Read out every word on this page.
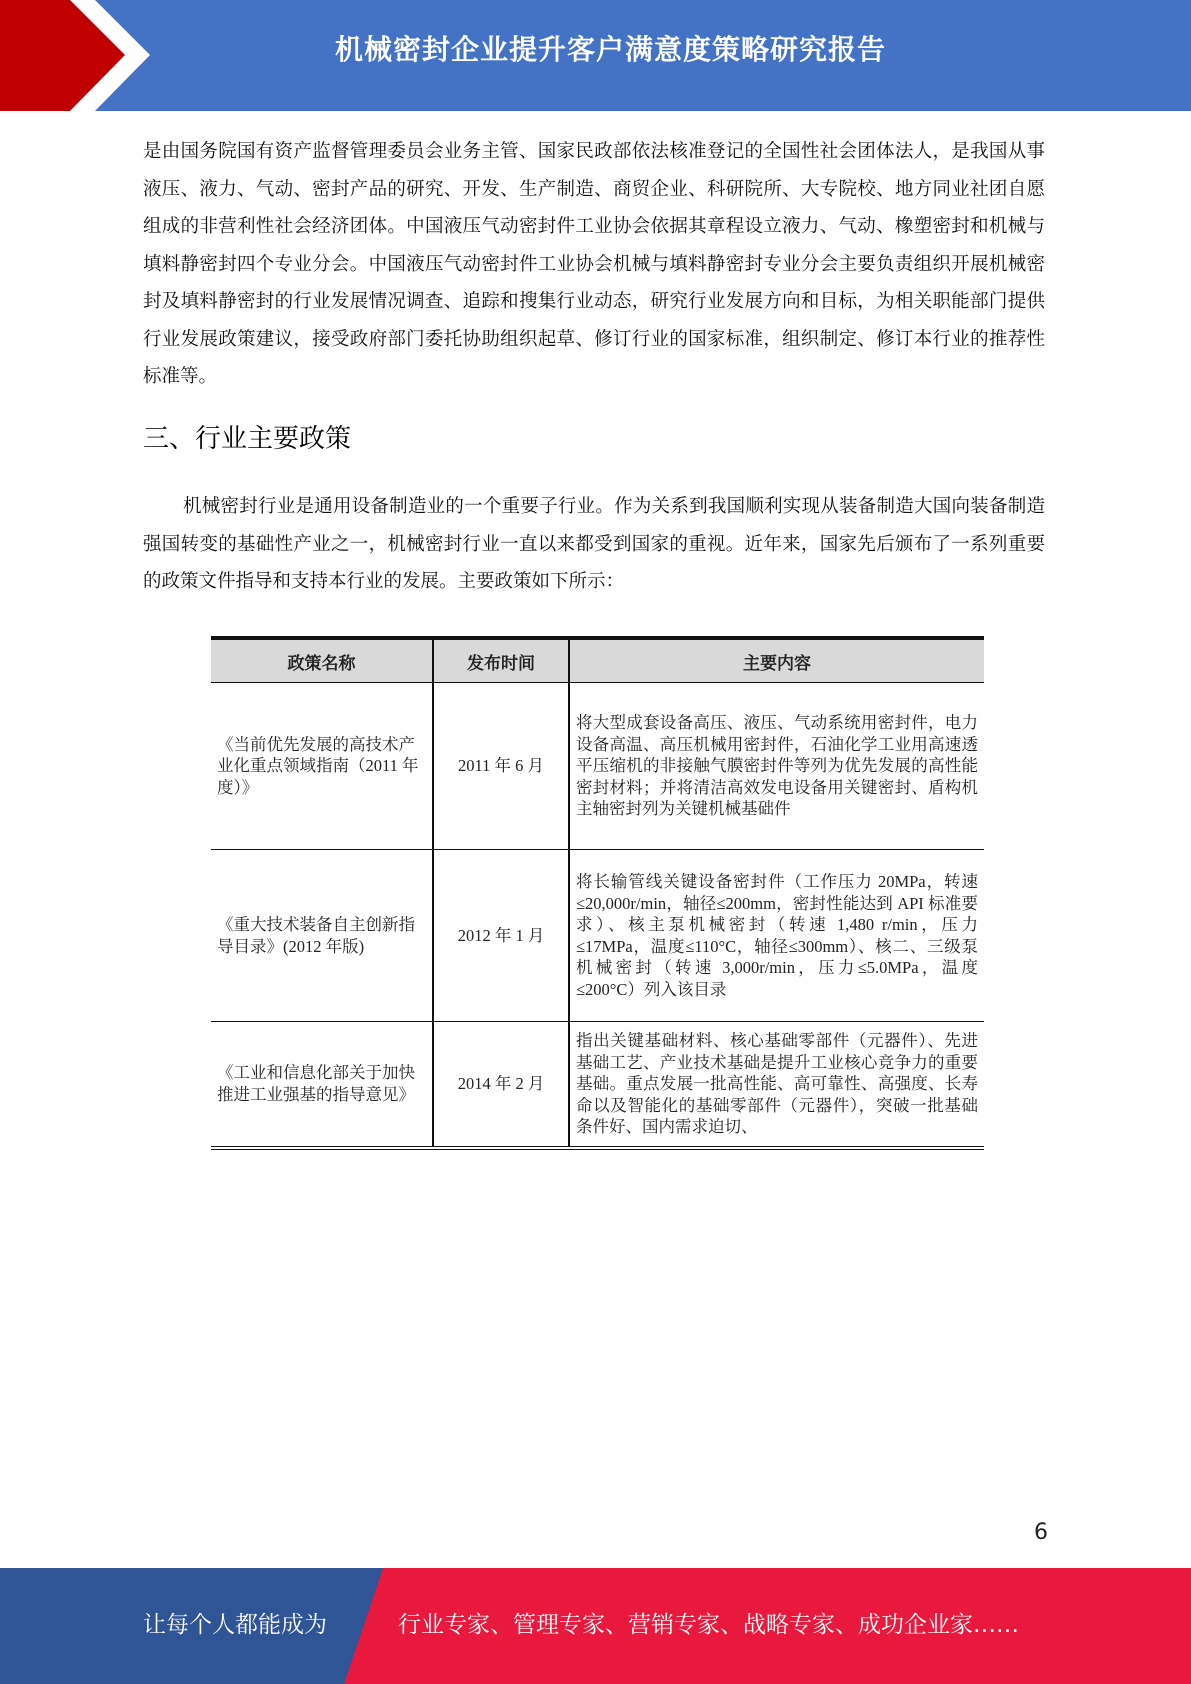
机械密封企业提升客户满意度策略研究报告
是由国务院国有资产监督管理委员会业务主管、国家民政部依法核准登记的全国性社会团体法人，是我国从事液压、液力、气动、密封产品的研究、开发、生产制造、商贸企业、科研院所、大专院校、地方同业社团自愿组成的非营利性社会经济团体。中国液压气动密封件工业协会依据其章程设立液力、气动、橡塑密封和机械与填料静密封四个专业分会。中国液压气动密封件工业协会机械与填料静密封专业分会主要负责组织开展机械密封及填料静密封的行业发展情况调查、追踪和搜集行业动态，研究行业发展方向和目标，为相关职能部门提供行业发展政策建议，接受政府部门委托协助组织起草、修订行业的国家标准，组织制定、修订本行业的推荐性标准等。
三、行业主要政策
机械密封行业是通用设备制造业的一个重要子行业。作为关系到我国顺利实现从装备制造大国向装备制造强国转变的基础性产业之一，机械密封行业一直以来都受到国家的重视。近年来，国家先后颁布了一系列重要的政策文件指导和支持本行业的发展。主要政策如下所示：
政策名称	发布时间	主要内容
《当前优先发展的高技术产业化重点领域指南（2011 年度）》	2011 年 6 月	将大型成套设备高压、液压、气动系统用密封件，电力设备高温、高压机械用密封件，石油化学工业用高速透平压缩机的非接触气膜密封件等列为优先发展的高性能密封材料；并将清洁高效发电设备用关键密封、盾构机主轴密封列为关键机械基础件
《重大技术装备自主创新指导目录》(2012 年版)	2012 年 1 月	将长输管线关键设备密封件（工作压力 20MPa，转速≤20,000r/min，轴径≤200mm，密封性能达到 API 标准要求）、核主泵机械密封（转速 1,480 r/min，压力≤17MPa，温度≤110°C，轴径≤300mm）、核二、三级泵机械密封（转速 3,000r/min，压力≤5.0MPa，温度≤200°C）列入该目录
《工业和信息化部关于加快推进工业强基的指导意见》	2014 年 2 月	指出关键基础材料、核心基础零部件（元器件）、先进基础工艺、产业技术基础是提升工业核心竞争力的重要基础。重点发展一批高性能、高可靠性、高强度、长寿命以及智能化的基础零部件（元器件），突破一批基础条件好、国内需求迫切、
6
让每个人都能成为	行业专家、管理专家、营销专家、战略专家、成功企业家……
